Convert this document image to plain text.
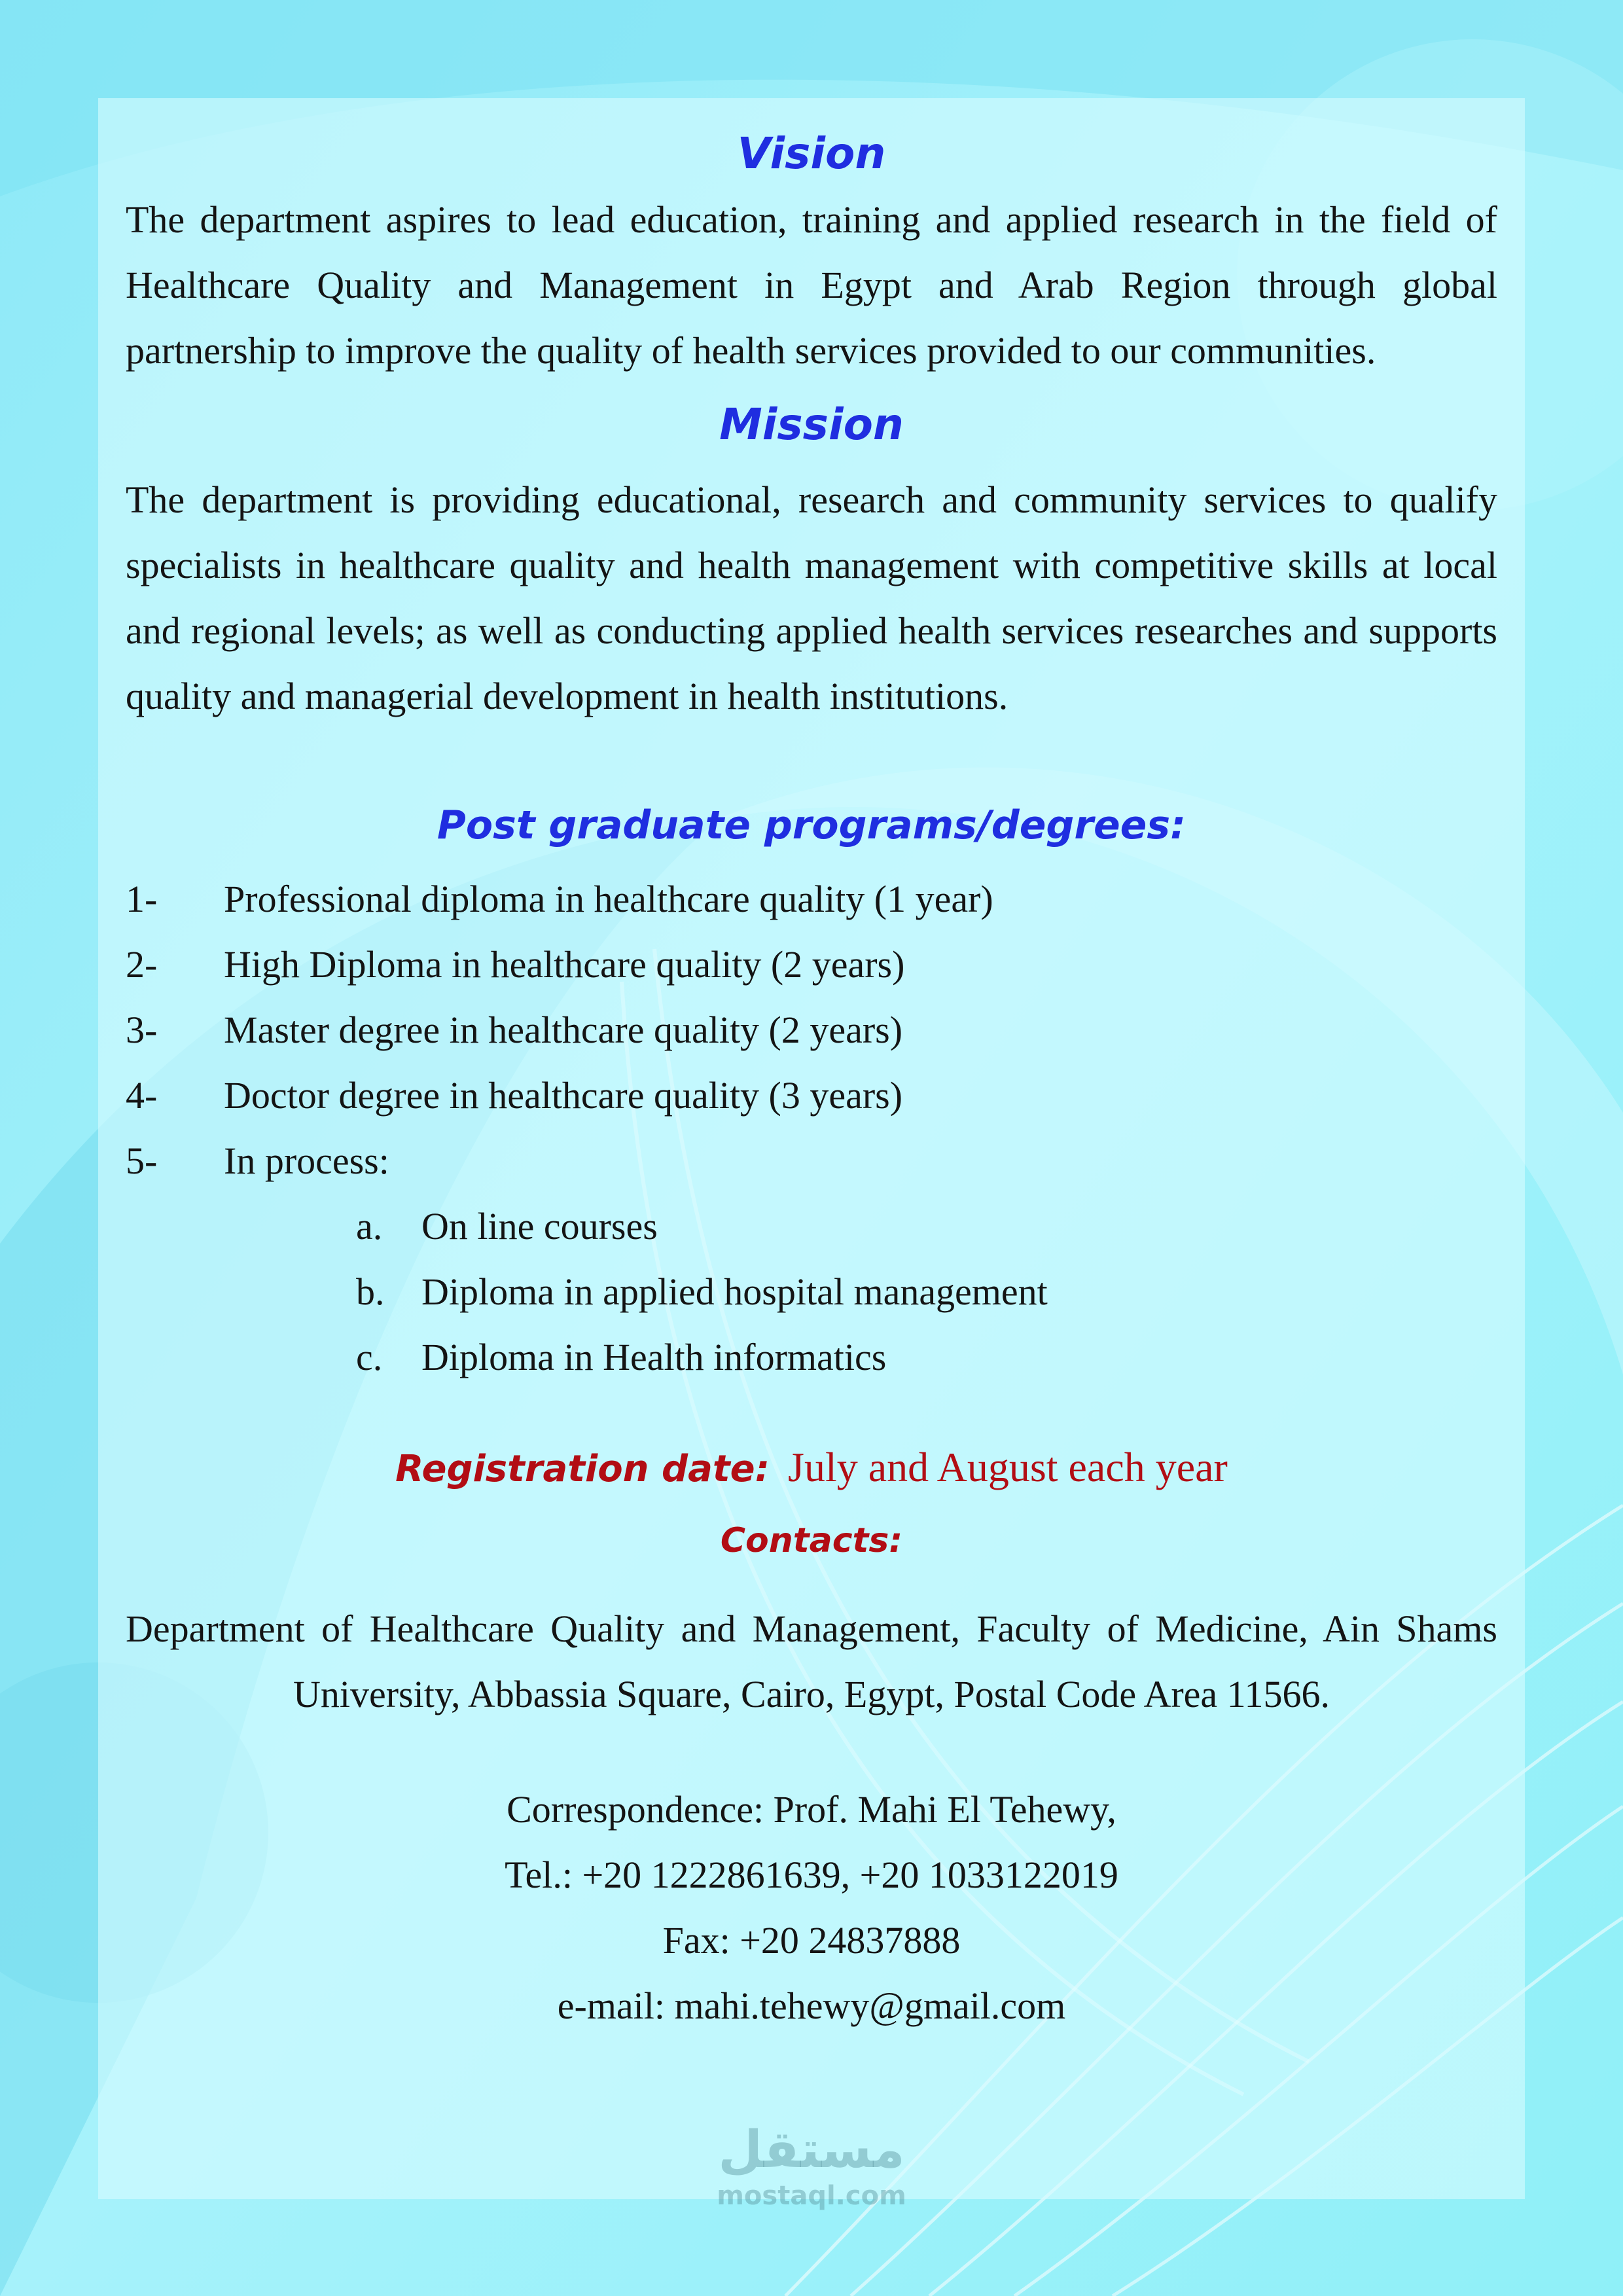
Vision

The department aspires to lead education, training and applied research in the field of Healthcare Quality and Management in Egypt and Arab Region through global partnership to improve the quality of health services provided to our communities.

Mission

The department is providing educational, research and community services to qualify specialists in healthcare quality and health management with competitive skills at local and regional levels; as well as conducting applied health services researches and supports quality and managerial development in health institutions.

Post graduate programs/degrees:
1-	Professional diploma in healthcare quality (1 year)
2-	High Diploma in healthcare quality (2 years)
3-	Master degree in healthcare quality (2 years)
4-	Doctor degree in healthcare quality (3 years)
5-	In process:
a.	On line courses
b. Diploma in applied hospital management
c.	Diploma in Health informatics
Registration date: July and August each year
Contacts:

Department of Healthcare Quality and Management, Faculty of Medicine, Ain Shams University, Abbassia Square, Cairo, Egypt, Postal Code Area 11566.

Correspondence: Prof. Mahi El Tehewy,
Tel.: +20 1222861639, +20 1033122019
Fax: +20 24837888
e-mail: mahi.tehewy@gmail.com
مستقل
mostaql.com
